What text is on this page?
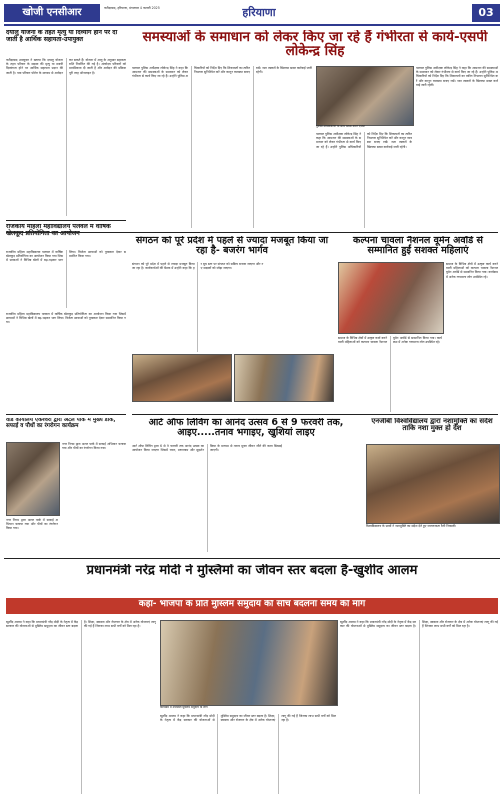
खोजी एनसीआर	फरीदाबाद, हरियाणा, मंगलवार 4 फरवरी 2025	हरियाणा	03
दयालु योजना के तहत मृत्यु या दिव्यांग होने पर दी जाती है आर्थिक सहायता-उपायुक्त
फरीदाबाद उपायुक्त ने बताया कि दयालु योजना के तहत परिवार के सदस्य की मृत्यु या स्थायी दिव्यांगता होने पर आर्थिक सहायता प्रदान की जाती है। पात्र परिवार पोर्टल के माध्यम से आवेदन कर सकते हैं। योजना में आयु के अनुसार सहायता राशि निर्धारित की गई है। अंत्योदय परिवारों को प्राथमिकता दी जाती है और आवेदन की प्रक्रिया पूरी तरह ऑनलाइन है।
राजकीय महिला महाविद्यालय पलवल में वार्षिक खेलकूद प्रतियोगिता का आयोजन
राजकीय महिला महाविद्यालय पलवल में वार्षिक खेलकूद प्रतियोगिता का आयोजन किया गया जिसमें छात्राओं ने विभिन्न खेलों में बढ़-चढ़कर भाग लिया। विजेता छात्राओं को पुरस्कार देकर सम्मानित किया गया।
समस्याओं के समाधान को लेकर किए जा रहे हैं गंभीरता से कार्य-एसपी लोकेन्द्र सिंह
पलवल पुलिस अधीक्षक लोकेन्द्र सिंह ने कहा कि आमजन की समस्याओं के समाधान को लेकर गंभीरता से कार्य किए जा रहे हैं। उन्होंने पुलिस अधिकारियों को निर्देश दिए कि शिकायतों का त्वरित निपटारा सुनिश्चित करें और कानून व्यवस्था बनाए रखें। नशा तस्करों के खिलाफ सख्त कार्रवाई जारी रहेगी।
पुलिस अधिकारियों के साथ बैठक करते एसपी
पलवल पुलिस अधीक्षक लोकेन्द्र सिंह ने कहा कि आमजन की समस्याओं के समाधान को लेकर गंभीरता से कार्य किए जा रहे हैं। उन्होंने पुलिस अधिकारियों को निर्देश दिए कि शिकायतों का त्वरित निपटारा सुनिश्चित करें और कानून व्यवस्था बनाए रखें। नशा तस्करों के खिलाफ सख्त कार्रवाई जारी रहेगी।
पलवल पुलिस अधीक्षक लोकेन्द्र सिंह ने कहा कि आमजन की समस्याओं के समाधान को लेकर गंभीरता से कार्य किए जा रहे हैं। उन्होंने पुलिस अधिकारियों को निर्देश दिए कि शिकायतों का त्वरित निपटारा सुनिश्चित करें और कानून व्यवस्था बनाए रखें। नशा तस्करों के खिलाफ सख्त कार्रवाई जारी रहेगी।
संगठन को पूरे प्रदेश में पहले से ज्यादा मजबूत किया जा रहा है- बजरंग भार्गव
संगठन को पूरे प्रदेश में पहले से ज्यादा मजबूत किया जा रहा है। कार्यकर्ताओं की बैठक में उन्होंने कहा कि हर बूथ स्तर पर संगठन को सक्रिय बनाया जाएगा और नए सदस्यों को जोड़ा जाएगा।
कल्पना चावला नैशनल वूमेन अवॉर्ड से सम्मानित हुईं सशक्त महिलाएं
समाज के विभिन्न क्षेत्रों में उत्कृष्ट कार्य करने वाली महिलाओं को कल्पना चावला नैशनल वूमेन अवॉर्ड से सम्मानित किया गया। कार्यक्रम में अनेक गणमान्य लोग उपस्थित रहे।
समाज के विभिन्न क्षेत्रों में उत्कृष्ट कार्य करने वाली महिलाओं को कल्पना चावला नैशनल वूमेन अवॉर्ड से सम्मानित किया गया। कार्यक्रम में अनेक गणमान्य लोग उपस्थित रहे।
राजकीय महिला महाविद्यालय पलवल में वार्षिक खेलकूद प्रतियोगिता का आयोजन किया गया जिसमें छात्राओं ने विभिन्न खेलों में बढ़-चढ़कर भाग लिया। विजेता छात्राओं को पुरस्कार देकर सम्मानित किया गया।
वार्ड कार्यालय एकेश्वरी द्वारा अटल पार्क में मुख्य डाक, सफाई व पौधों का रंगरोगन कार्यक्रम
नगर निगम द्वारा अटल पार्क में सफाई अभियान चलाया गया और पौधों का रंगरोगन किया गया।
नगर निगम द्वारा अटल पार्क में सफाई अभियान चलाया गया और पौधों का रंगरोगन किया गया।
आर्ट ऑफ लिविंग का आनंद उत्सव 6 से 9 फरवरी तक, आइए.....तनाव भगाइए, खुशियां लाइए
आर्ट ऑफ लिविंग द्वारा 6 से 9 फरवरी तक आनंद उत्सव का आयोजन किया जाएगा जिसमें ध्यान, प्राणायाम और सुदर्शन क्रिया के माध्यम से तनाव मुक्त जीवन जीने की कला सिखाई जाएगी।
एनजीबी विश्वविद्यालय द्वारा नशामुक्ति का संदेश ताकि नशा मुक्त हो देश
विश्वविद्यालय के छात्रों ने नशामुक्ति का संदेश देते हुए जागरूकता रैली निकाली।
प्रधानमंत्री नरेंद्र मोदी ने मुस्लिमों का जीवन स्तर बदला है-खुर्शीद आलम
कहा- भाजपा के प्रति मुस्लिम समुदाय की सोच बदलना समय की मांग
खुर्शीद आलम ने कहा कि प्रधानमंत्री नरेंद्र मोदी के नेतृत्व में केंद्र सरकार की योजनाओं से मुस्लिम समुदाय का जीवन स्तर बदला है। शिक्षा, स्वास्थ्य और रोजगार के क्षेत्र में अनेक योजनाएं लागू की गई हैं जिनका लाभ सभी वर्गों को मिल रहा है।
कार्यक्रम में उपस्थित मुस्लिम समुदाय के लोग
खुर्शीद आलम ने कहा कि प्रधानमंत्री नरेंद्र मोदी के नेतृत्व में केंद्र सरकार की योजनाओं से मुस्लिम समुदाय का जीवन स्तर बदला है। शिक्षा, स्वास्थ्य और रोजगार के क्षेत्र में अनेक योजनाएं लागू की गई हैं जिनका लाभ सभी वर्गों को मिल रहा है।
खुर्शीद आलम ने कहा कि प्रधानमंत्री नरेंद्र मोदी के नेतृत्व में केंद्र सरकार की योजनाओं से मुस्लिम समुदाय का जीवन स्तर बदला है। शिक्षा, स्वास्थ्य और रोजगार के क्षेत्र में अनेक योजनाएं लागू की गई हैं जिनका लाभ सभी वर्गों को मिल रहा है।
